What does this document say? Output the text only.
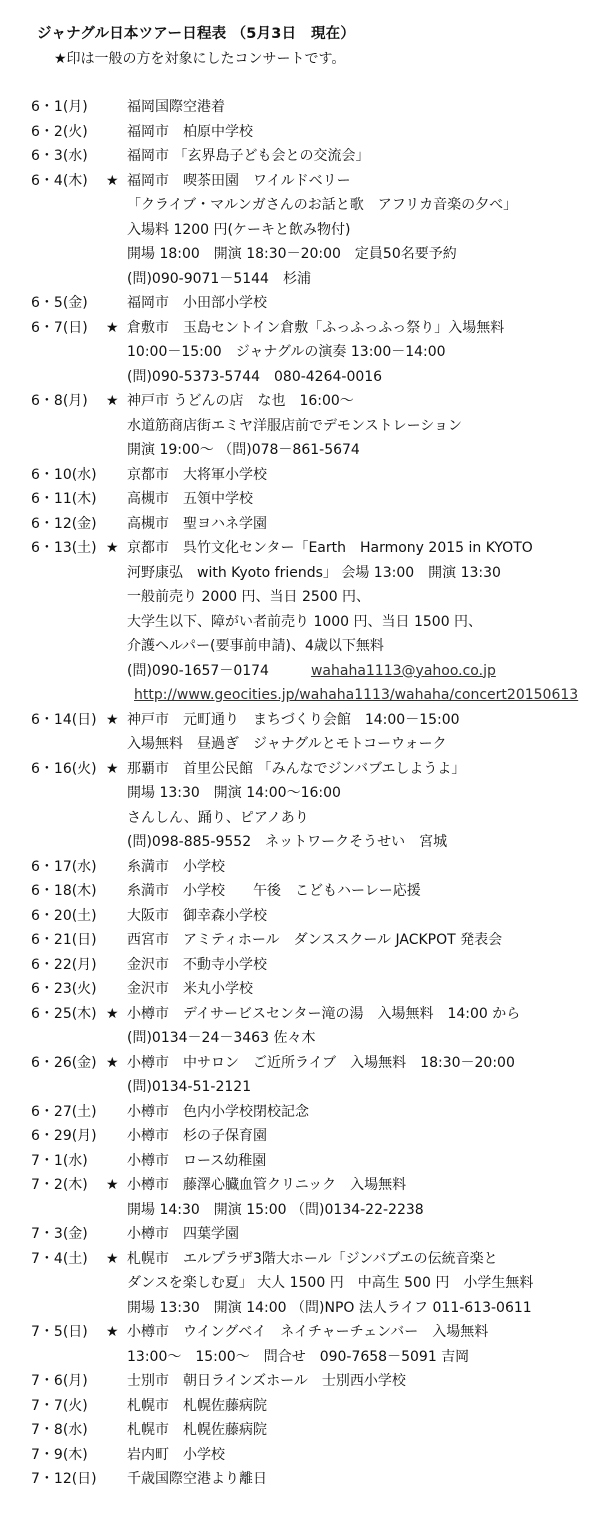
ジャナグル日本ツアー日程表 （5月3日　現在）
★印は一般の方を対象にしたコンサートです。
6・1(月)	福岡国際空港着
6・2(火)	福岡市　柏原中学校
6・3(水)	福岡市 「玄界島子ども会との交流会」
6・4(木) ★ 福岡市　喫茶田園　ワイルドベリー
「クライブ・マルンガさんのお話と歌　アフリカ音楽の夕べ」
入場料 1200 円(ケーキと飲み物付)
開場 18:00　開演 18:30－20:00　定員50名要予約
(問)090-9071－5144　杉浦
6・5(金)	福岡市　小田部小学校
6・7(日) ★ 倉敷市　玉島セントイン倉敷「ふっふっふっ祭り」入場無料
10:00－15:00　ジャナグルの演奏 13:00－14:00
(問)090-5373-5744　080-4264-0016
6・8(月) ★ 神戸市 うどんの店　な也　16:00～
水道筋商店街エミヤ洋服店前でデモンストレーション
開演 19:00～ （問)078－861-5674
6・10(水) 京都市　大将軍小学校
6・11(木) 高槻市　五領中学校
6・12(金) 高槻市　聖ヨハネ学園
6・13(土) ★ 京都市　呉竹文化センター「Earth　Harmony 2015 in KYOTO
河野康弘　with Kyoto friends」 会場 13:00　開演 13:30
一般前売り 2000 円、当日 2500 円、
大学生以下、障がい者前売り 1000 円、当日 1500 円、
介護ヘルパー(要事前申請)、4歳以下無料
(問)090-1657－0174	wahaha1113@yahoo.co.jp
http://www.geocities.jp/wahaha1113/wahaha/concert20150613
6・14(日) ★ 神戸市　元町通り　まちづくり会館　14:00－15:00
入場無料　昼過ぎ　ジャナグルとモトコーウォーク
6・16(火) ★ 那覇市　首里公民館 「みんなでジンバブエしようよ」
開場 13:30　開演 14:00～16:00
さんしん、踊り、ピアノあり
(問)098-885-9552　ネットワークそうせい　宮城
6・17(水) 糸満市　小学校
6・18(木) 糸満市　小学校　　午後　こどもハーレー応援
6・20(土) 大阪市　御幸森小学校
6・21(日) 西宮市　アミティホール　ダンススクール JACKPOT 発表会
6・22(月) 金沢市　不動寺小学校
6・23(火) 金沢市　米丸小学校
6・25(木) ★ 小樽市　デイサービスセンター滝の湯　入場無料　14:00 から
(問)0134－24－3463 佐々木
6・26(金) ★ 小樽市　中サロン　ご近所ライブ　入場無料　18:30－20:00
(問)0134-51-2121
6・27(土) 小樽市　色内小学校閉校記念
6・29(月) 小樽市　杉の子保育園
7・1(水)	小樽市　ロース幼稚園
7・2(木) ★ 小樽市　藤澤心臓血管クリニック　入場無料
開場 14:30　開演 15:00 （問)0134-22-2238
7・3(金)	小樽市　四葉学園
7・4(土) ★ 札幌市　エルプラザ3階大ホール「ジンバブエの伝統音楽と
ダンスを楽しむ夏」 大人 1500 円　中高生 500 円　小学生無料
開場 13:30　開演 14:00 （問)NPO 法人ライフ 011-613-0611
7・5(日) ★ 小樽市　ウイングベイ　ネイチャーチェンバー　入場無料
13:00～　15:00～　問合せ　090-7658－5091 吉岡
7・6(月)	士別市　朝日ラインズホール　士別西小学校
7・7(火)	札幌市　札幌佐藤病院
7・8(水)	札幌市　札幌佐藤病院
7・9(木)	岩内町　小学校
7・12(日) 千歳国際空港より離日
